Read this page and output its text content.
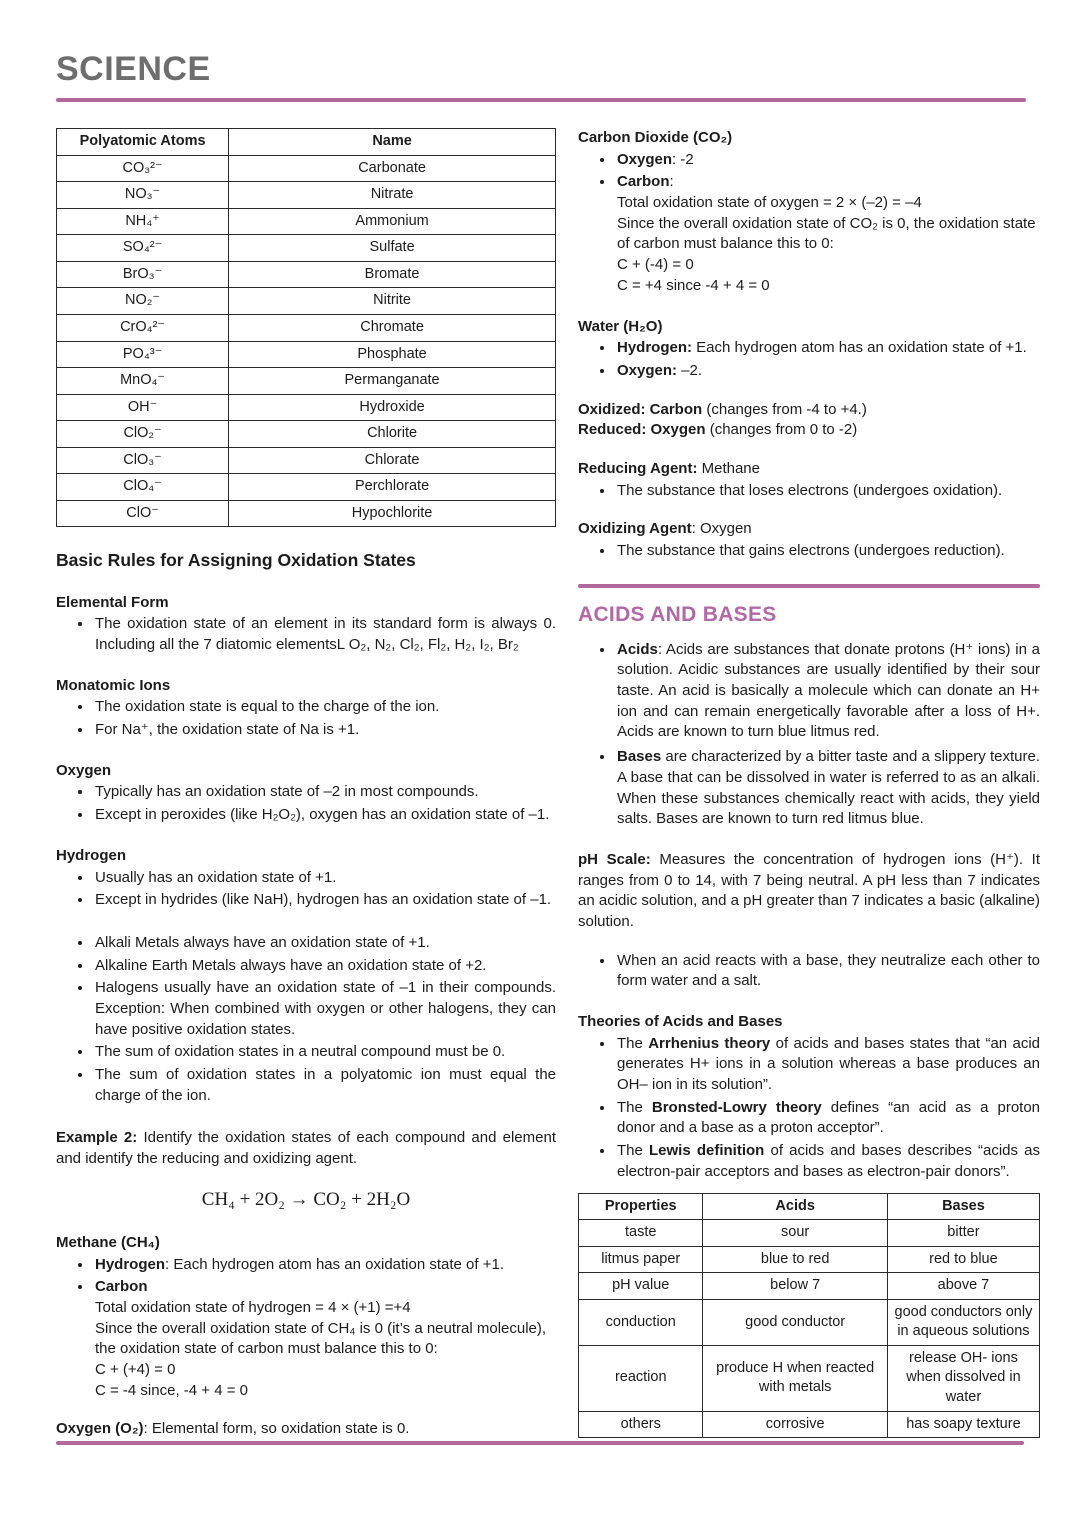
SCIENCE
Polyatomic Atoms	Name
CO₃²⁻	Carbonate
NO₃⁻	Nitrate
NH₄⁺	Ammonium
SO₄²⁻	Sulfate
BrO₃⁻	Bromate
NO₂⁻	Nitrite
CrO₄²⁻	Chromate
PO₄³⁻	Phosphate
MnO₄⁻	Permanganate
OH⁻	Hydroxide
ClO₂⁻	Chlorite
ClO₃⁻	Chlorate
ClO₄⁻	Perchlorate
ClO⁻	Hypochlorite
Basic Rules for Assigning Oxidation States
Elemental Form
• The oxidation state of an element in its standard form is always 0. Including all the 7 diatomic elementsL O₂, N₂, Cl₂, Fl₂, H₂, I₂, Br₂
Monatomic Ions
• The oxidation state is equal to the charge of the ion.
• For Na⁺, the oxidation state of Na is +1.
Oxygen
• Typically has an oxidation state of –2 in most compounds.
• Except in peroxides (like H₂O₂), oxygen has an oxidation state of –1.
Hydrogen
• Usually has an oxidation state of +1.
• Except in hydrides (like NaH), hydrogen has an oxidation state of –1.
• Alkali Metals always have an oxidation state of +1.
• Alkaline Earth Metals always have an oxidation state of +2.
• Halogens usually have an oxidation state of –1 in their compounds. Exception: When combined with oxygen or other halogens, they can have positive oxidation states.
• The sum of oxidation states in a neutral compound must be 0.
• The sum of oxidation states in a polyatomic ion must equal the charge of the ion.

Example 2: Identify the oxidation states of each compound and element and identify the reducing and oxidizing agent.

CH₄ + 2O₂ → CO₂ + 2H₂O
Methane (CH₄)
• Hydrogen: Each hydrogen atom has an oxidation state of +1.
• Carbon
Total oxidation state of hydrogen = 4 × (+1) =+4
Since the overall oxidation state of CH₄ is 0 (it’s a neutral molecule), the oxidation state of carbon must balance this to 0:
C + (+4) = 0
C = -4 since, -4 + 4 = 0

Oxygen (O₂): Elemental form, so oxidation state is 0.

Carbon Dioxide (CO₂)
• Oxygen: -2
• Carbon:
Total oxidation state of oxygen = 2 × (–2) = –4
Since the overall oxidation state of CO₂ is 0, the oxidation state of carbon must balance this to 0:
C + (-4) = 0
C = +4 since -4 + 4 = 0
Water (H₂O)
• Hydrogen: Each hydrogen atom has an oxidation state of +1.
• Oxygen: –2.

Oxidized: Carbon (changes from -4 to +4.)
Reduced: Oxygen (changes from 0 to -2)

Reducing Agent: Methane

• The substance that loses electrons (undergoes oxidation).

Oxidizing Agent: Oxygen

• The substance that gains electrons (undergoes reduction).
ACIDS AND BASES
• Acids: Acids are substances that donate protons (H⁺ ions) in a solution. Acidic substances are usually identified by their sour taste. An acid is basically a molecule which can donate an H+ ion and can remain energetically favorable after a loss of H+. Acids are known to turn blue litmus red.
• Bases are characterized by a bitter taste and a slippery texture. A base that can be dissolved in water is referred to as an alkali. When these substances chemically react with acids, they yield salts. Bases are known to turn red litmus blue.

pH Scale: Measures the concentration of hydrogen ions (H⁺). It ranges from 0 to 14, with 7 being neutral. A pH less than 7 indicates an acidic solution, and a pH greater than 7 indicates a basic (alkaline) solution.

• When an acid reacts with a base, they neutralize each other to form water and a salt.
Theories of Acids and Bases
• The Arrhenius theory of acids and bases states that “an acid generates H+ ions in a solution whereas a base produces an OH– ion in its solution”.
• The Bronsted-Lowry theory defines “an acid as a proton donor and a base as a proton acceptor”.
• The Lewis definition of acids and bases describes “acids as electron-pair acceptors and bases as electron-pair donors”.
Properties	Acids	Bases
taste	sour	bitter
litmus paper	blue to red	red to blue
pH value	below 7	above 7
conduction	good conductor	good conductors only in aqueous solutions
reaction	produce H when reacted with metals	release OH- ions when dissolved in water
others	corrosive	has soapy texture
